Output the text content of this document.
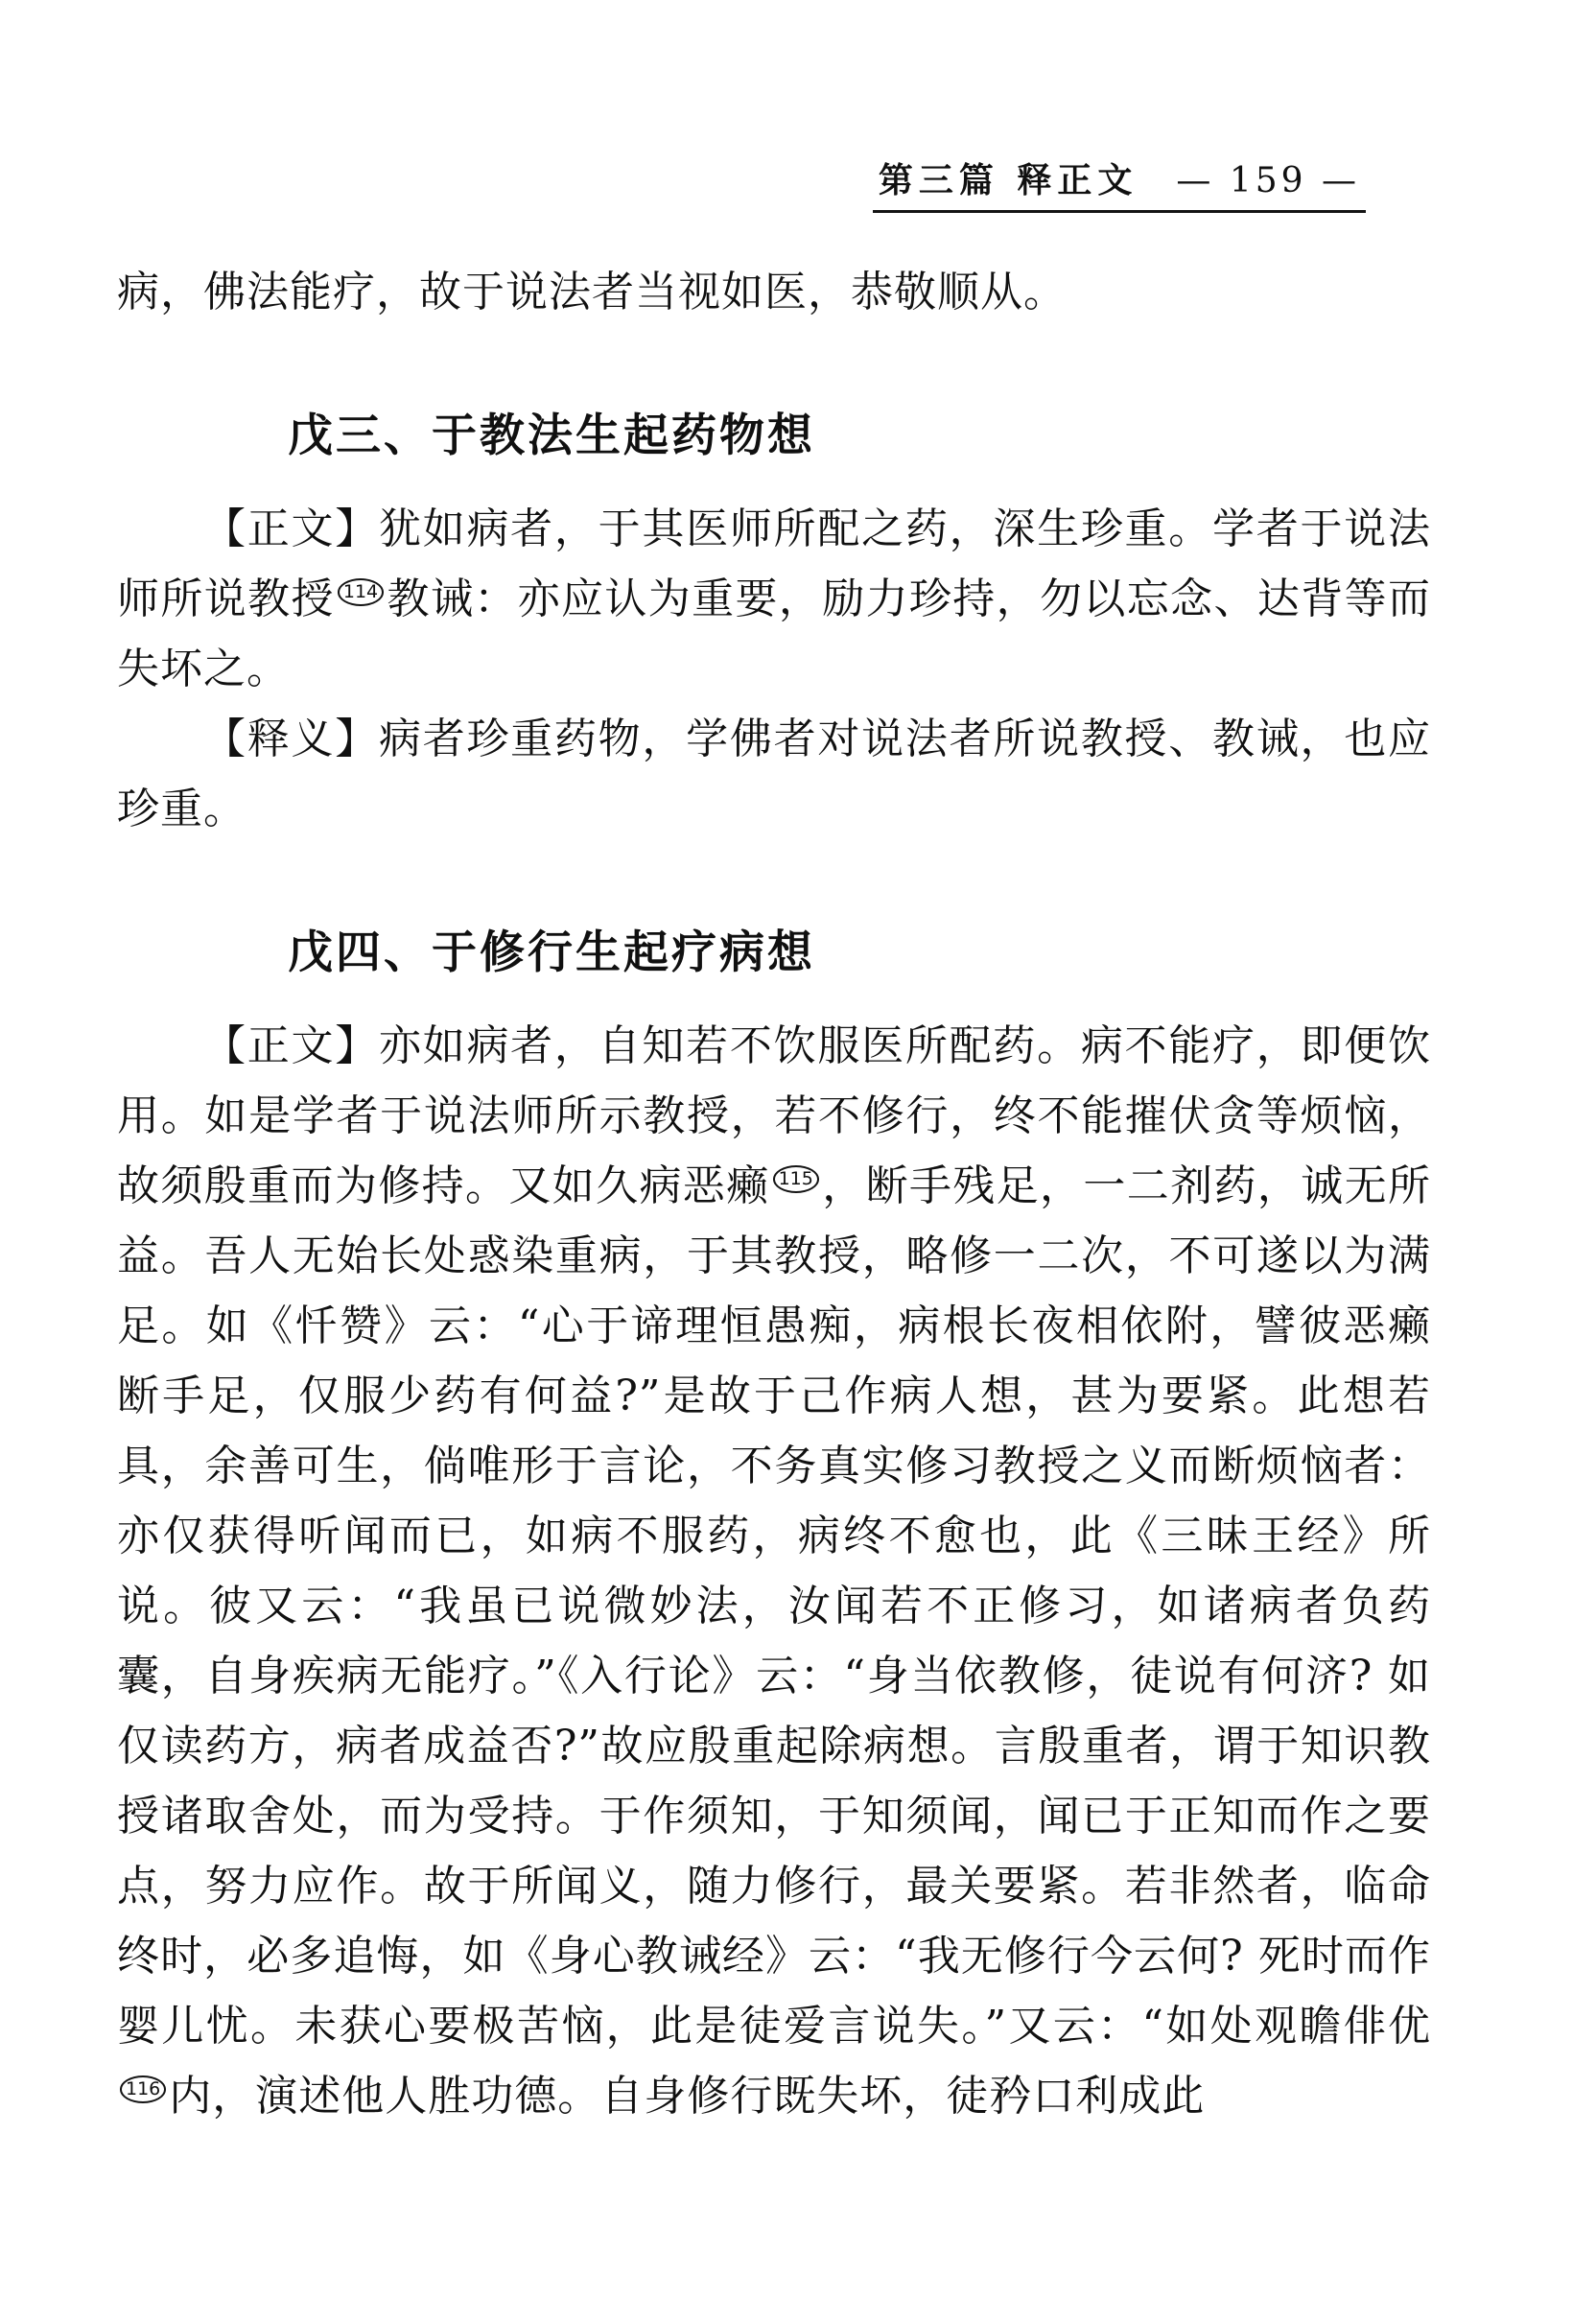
第三篇 释正文 — 159 —

病，佛法能疗，故于说法者当视如医，恭敬顺从。

戊三、于教法生起药物想

【正文】犹如病者，于其医师所配之药，深生珍重。学者于说法师所说教授 $^{114}$ 教诫：亦应认为重要，励力珍持，勿以忘念、达背等而失坏之。

【释义】病者珍重药物，学佛者对说法者所说教授、教诫，也应珍重。

戊四、于修行生起疗病想

【正文】亦如病者，自知若不饮服医所配药。病不能疗，即便饮用。如是学者于说法师所示教授，若不修行，终不能摧伏贪等烦恼，故须殷重而为修持。又如久病恶癞 $^{115}$ ，断手残足，一二剂药，诚无所益。吾人无始长处惑染重病，于其教授，略修一二次，不可遂以为满足。如《忏赞》云：“心于谛理恒愚痴，病根长夜相依附，譬彼恶癞断手足，仅服少药有何益?”是故于己作病人想，甚为要紧。此想若具，余善可生，倘唯形于言论，不务真实修习教授之义而断烦恼者：亦仅获得听闻而已，如病不服药，病终不愈也，此《三昧王经》所说。彼又云：“我虽已说微妙法，汝闻若不正修习，如诸病者负药囊，自身疾病无能疗。”《入行论》云：“身当依教修，徒说有何济? 如仅读药方，病者成益否?”故应殷重起除病想。言殷重者，谓于知识教授诸取舍处，而为受持。于作须知，于知须闻，闻已于正知而作之要点，努力应作。故于所闻义，随力修行，最关要紧。若非然者，临命终时，必多追悔，如《身心教诫经》云：“我无修行今云何? 死时而作婴儿忧。未获心要极苦恼，此是徒爱言说失。”又云：“如处观瞻俳优$^{116}$ 内，演述他人胜功德。自身修行既失坏，徒矜口利成此
